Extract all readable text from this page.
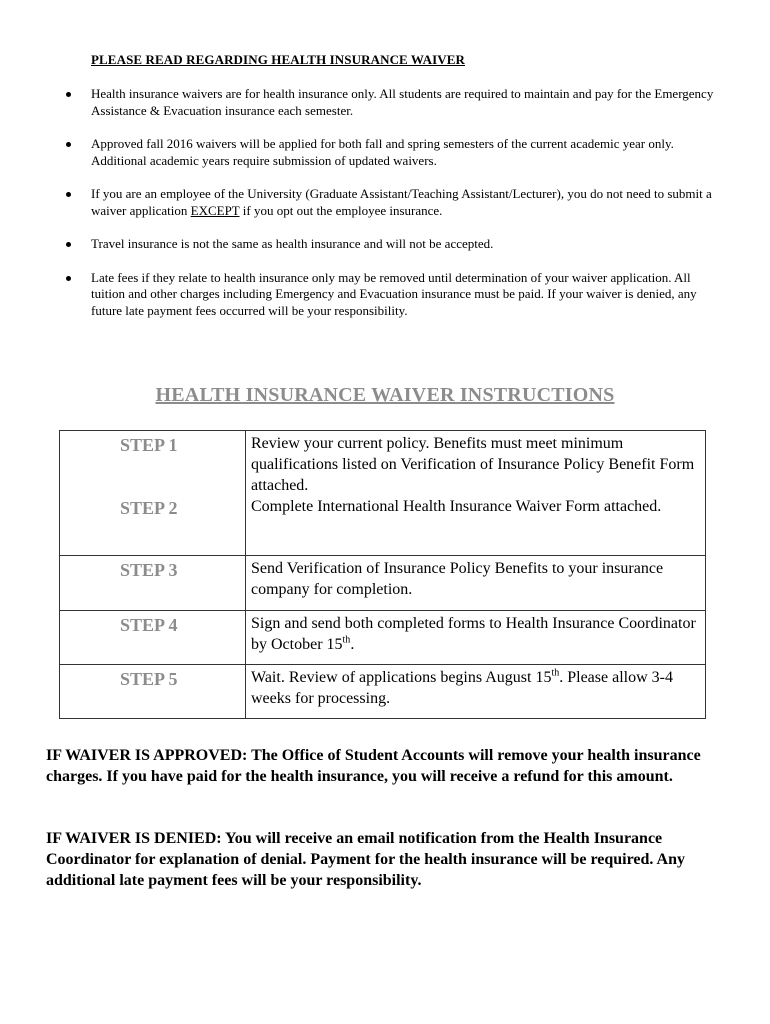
PLEASE READ REGARDING HEALTH INSURANCE WAIVER
Health insurance waivers are for health insurance only. All students are required to maintain and pay for the Emergency Assistance & Evacuation insurance each semester.
Approved fall 2016 waivers will be applied for both fall and spring semesters of the current academic year only. Additional academic years require submission of updated waivers.
If you are an employee of the University (Graduate Assistant/Teaching Assistant/Lecturer), you do not need to submit a waiver application EXCEPT if you opt out the employee insurance.
Travel insurance is not the same as health insurance and will not be accepted.
Late fees if they relate to health insurance only may be removed until determination of your waiver application. All tuition and other charges including Emergency and Evacuation insurance must be paid. If your waiver is denied, any future late payment fees occurred will be your responsibility.
HEALTH INSURANCE WAIVER INSTRUCTIONS
STEP 1	Review your current policy. Benefits must meet minimum qualifications listed on Verification of Insurance Policy Benefit Form attached.
STEP 2	Complete International Health Insurance Waiver Form attached.
STEP 3	Send Verification of Insurance Policy Benefits to your insurance company for completion.
STEP 4	Sign and send both completed forms to Health Insurance Coordinator by October 15th.
STEP 5	Wait. Review of applications begins August 15th. Please allow 3-4 weeks for processing.
IF WAIVER IS APPROVED: The Office of Student Accounts will remove your health insurance charges. If you have paid for the health insurance, you will receive a refund for this amount.
IF WAIVER IS DENIED: You will receive an email notification from the Health Insurance Coordinator for explanation of denial. Payment for the health insurance will be required. Any additional late payment fees will be your responsibility.
